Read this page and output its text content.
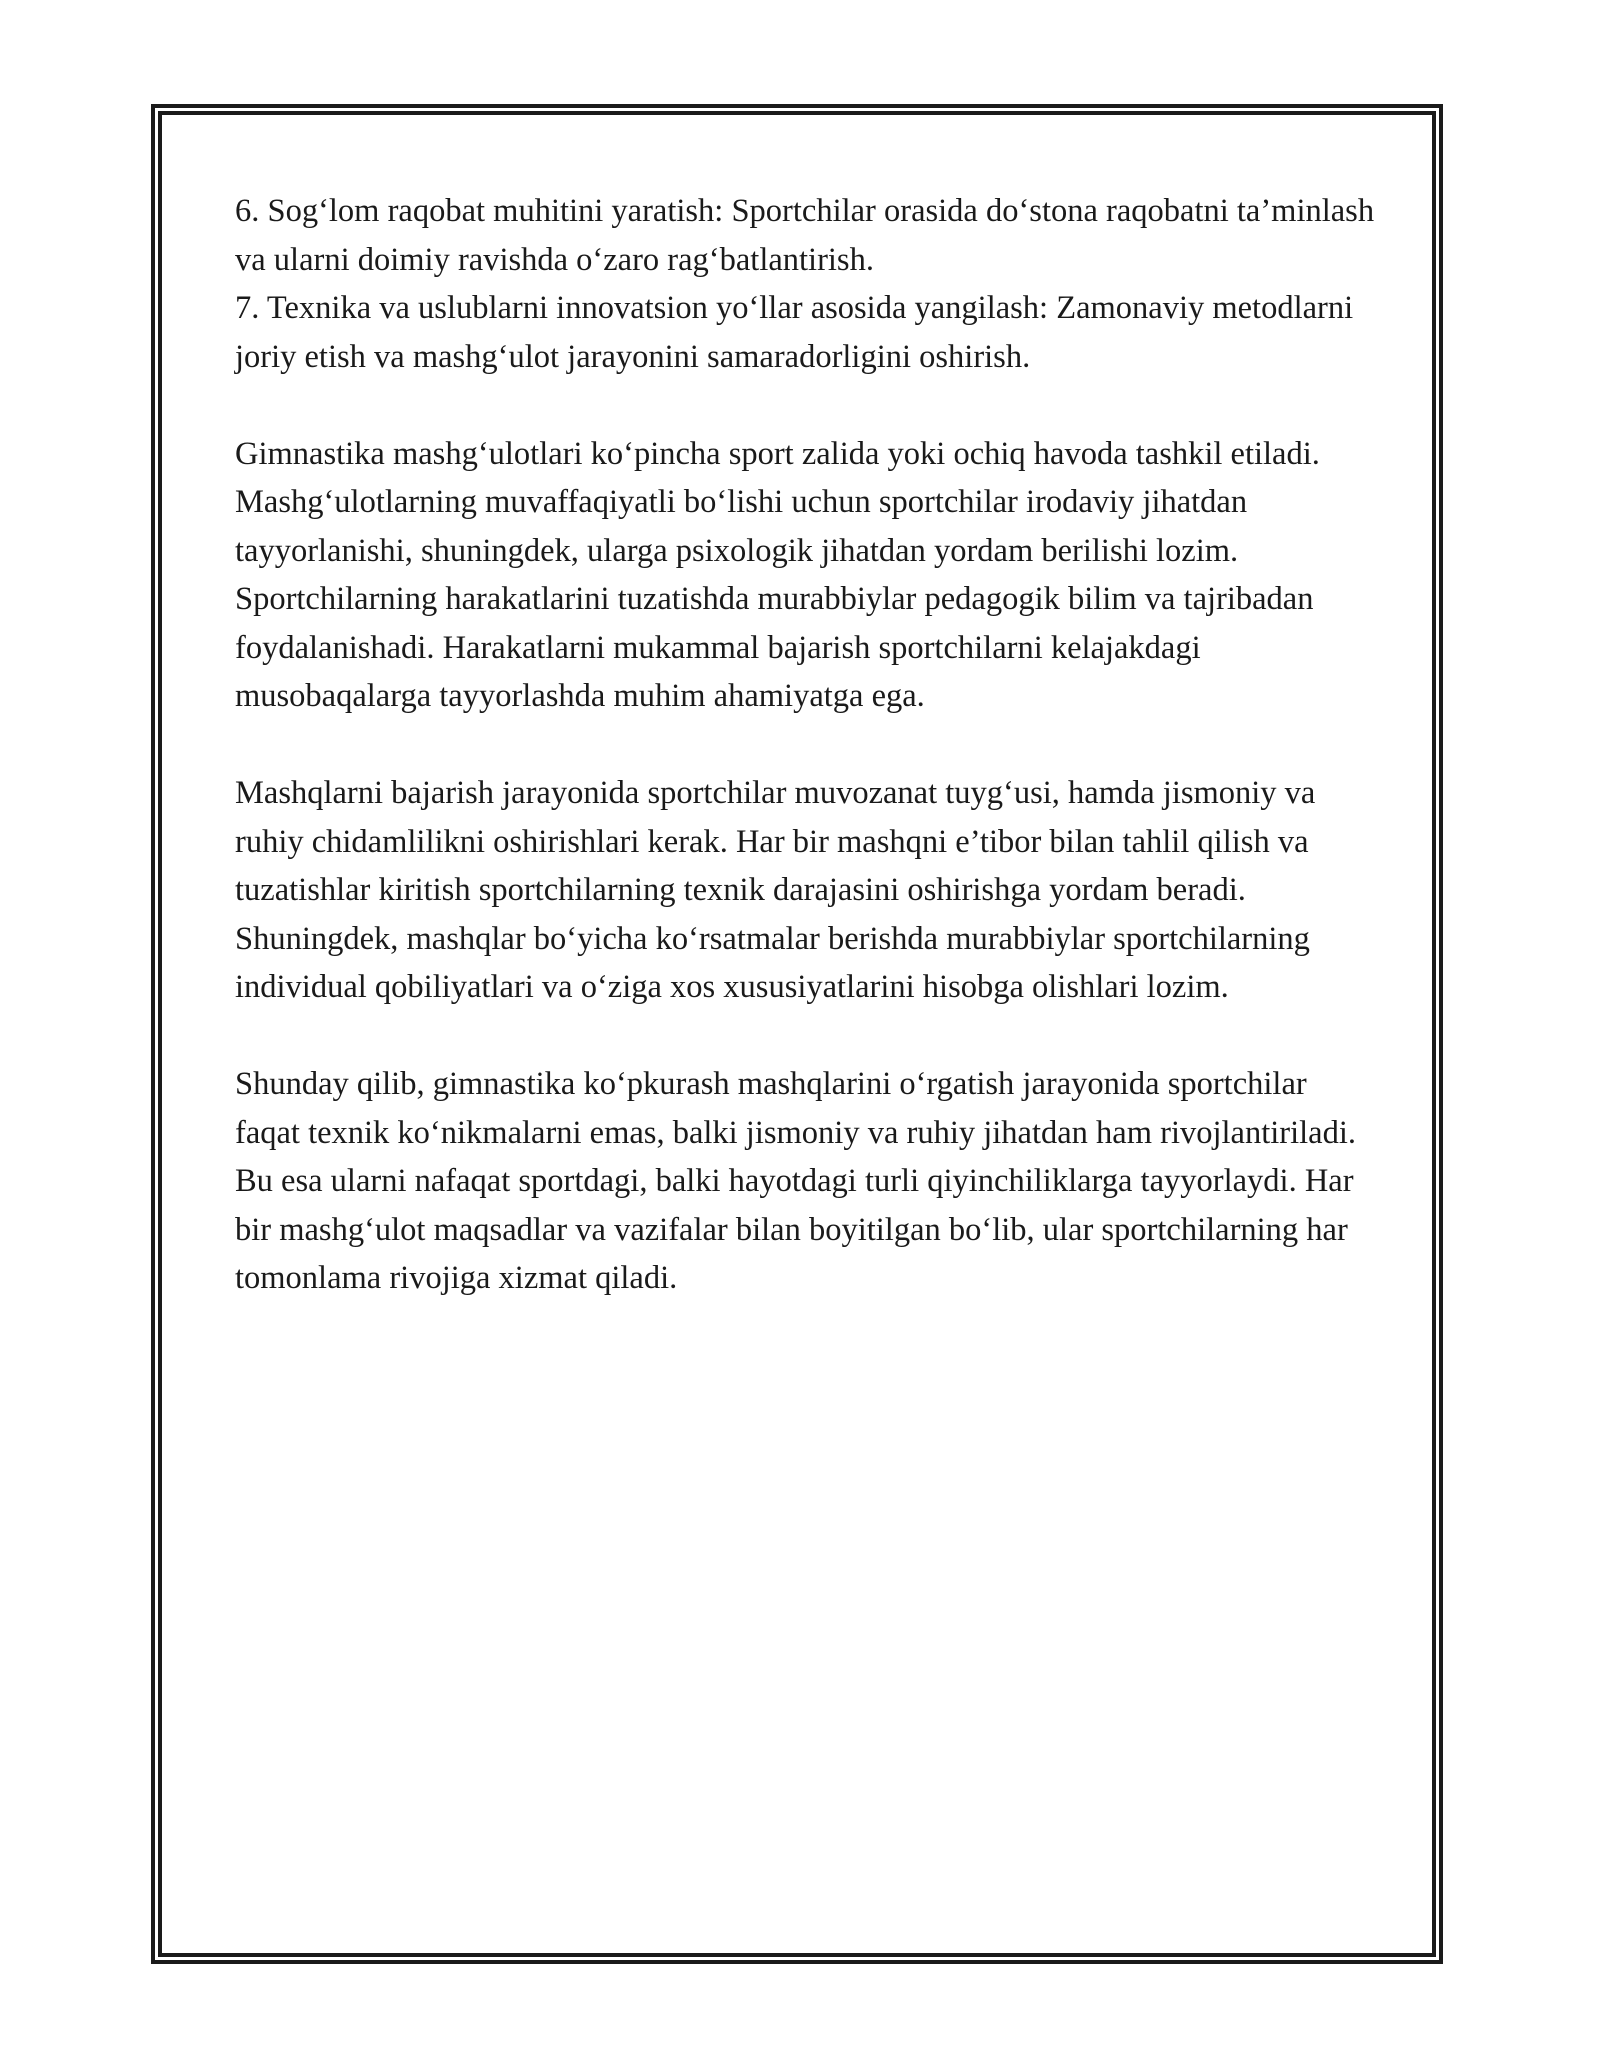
6. Sog‘lom raqobat muhitini yaratish: Sportchilar orasida do‘stona raqobatni ta’minlash va ularni doimiy ravishda o‘zaro rag‘batlantirish.

7. Texnika va uslublarni innovatsion yo‘llar asosida yangilash: Zamonaviy metodlarni joriy etish va mashg‘ulot jarayonini samaradorligini oshirish.

Gimnastika mashg‘ulotlari ko‘pincha sport zalida yoki ochiq havoda tashkil etiladi. Mashg‘ulotlarning muvaffaqiyatli bo‘lishi uchun sportchilar irodaviy jihatdan tayyorlanishi, shuningdek, ularga psixologik jihatdan yordam berilishi lozim. Sportchilarning harakatlarini tuzatishda murabbiylar pedagogik bilim va tajribadan foydalanishadi. Harakatlarni mukammal bajarish sportchilarni kelajakdagi musobaqalarga tayyorlashda muhim ahamiyatga ega.

Mashqlarni bajarish jarayonida sportchilar muvozanat tuyg‘usi, hamda jismoniy va ruhiy chidamlilikni oshirishlari kerak. Har bir mashqni e’tibor bilan tahlil qilish va tuzatishlar kiritish sportchilarning texnik darajasini oshirishga yordam beradi. Shuningdek, mashqlar bo‘yicha ko‘rsatmalar berishda murabbiylar sportchilarning individual qobiliyatlari va o‘ziga xos xususiyatlarini hisobga olishlari lozim.

Shunday qilib, gimnastika ko‘pkurash mashqlarini o‘rgatish jarayonida sportchilar faqat texnik ko‘nikmalarni emas, balki jismoniy va ruhiy jihatdan ham rivojlantiriladi. Bu esa ularni nafaqat sportdagi, balki hayotdagi turli qiyinchiliklarga tayyorlaydi. Har bir mashg‘ulot maqsadlar va vazifalar bilan boyitilgan bo‘lib, ular sportchilarning har tomonlama rivojiga xizmat qiladi.
